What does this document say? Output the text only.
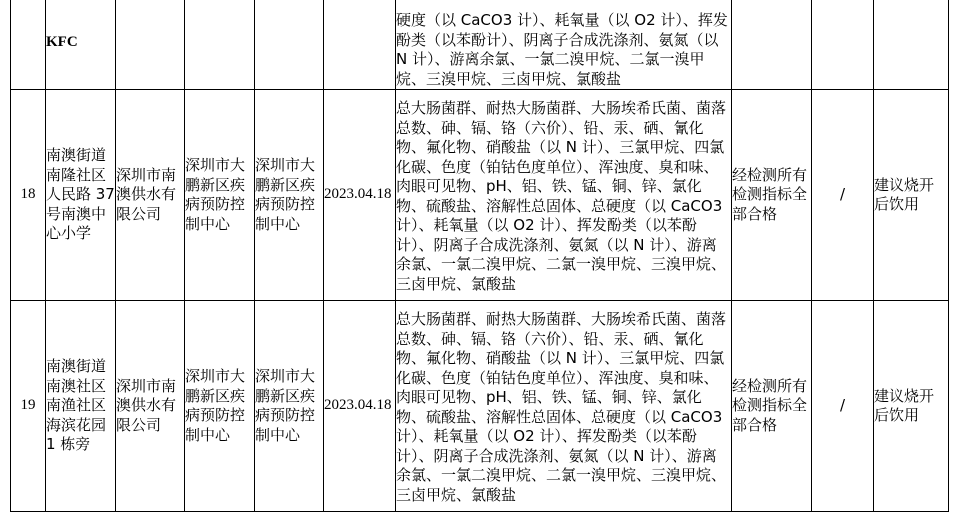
	KFC					硬度（以 CaCO3 计）、耗氧量（以 O2 计）、挥发酚类（以苯酚计）、阴离子合成洗涤剂、氨氮（以 N 计）、游离余氯、一氯二溴甲烷、二氯一溴甲烷、三溴甲烷、三卤甲烷、氯酸盐			

18	南澳街道南隆社区人民路 37 号南澳中心小学	深圳市南澳供水有限公司	深圳市大鹏新区疾病预防控制中心	深圳市大鹏新区疾病预防控制中心	2023.04.18	总大肠菌群、耐热大肠菌群、大肠埃希氏菌、菌落总数、砷、镉、铬（六价）、铅、汞、硒、氰化物、氟化物、硝酸盐（以 N 计）、三氯甲烷、四氯化碳、色度（铂钴色度单位）、浑浊度、臭和味、肉眼可见物、pH、铝、铁、锰、铜、锌、氯化物、硫酸盐、溶解性总固体、总硬度（以 CaCO3 计）、耗氧量（以 O2 计）、挥发酚类（以苯酚计）、阴离子合成洗涤剂、氨氮（以 N 计）、游离余氯、一氯二溴甲烷、二氯一溴甲烷、三溴甲烷、三卤甲烷、氯酸盐	经检测所有检测指标全部合格	/	建议烧开后饮用
19	南澳街道南澳社区南渔社区海滨花园 1 栋旁	深圳市南澳供水有限公司	深圳市大鹏新区疾病预防控制中心	深圳市大鹏新区疾病预防控制中心	2023.04.18	总大肠菌群、耐热大肠菌群、大肠埃希氏菌、菌落总数、砷、镉、铬（六价）、铅、汞、硒、氰化物、氟化物、硝酸盐（以 N 计）、三氯甲烷、四氯化碳、色度（铂钴色度单位）、浑浊度、臭和味、肉眼可见物、pH、铝、铁、锰、铜、锌、氯化物、硫酸盐、溶解性总固体、总硬度（以 CaCO3 计）、耗氧量（以 O2 计）、挥发酚类（以苯酚计）、阴离子合成洗涤剂、氨氮（以 N 计）、游离余氯、一氯二溴甲烷、二氯一溴甲烷、三溴甲烷、三卤甲烷、氯酸盐	经检测所有检测指标全部合格	/	建议烧开后饮用
